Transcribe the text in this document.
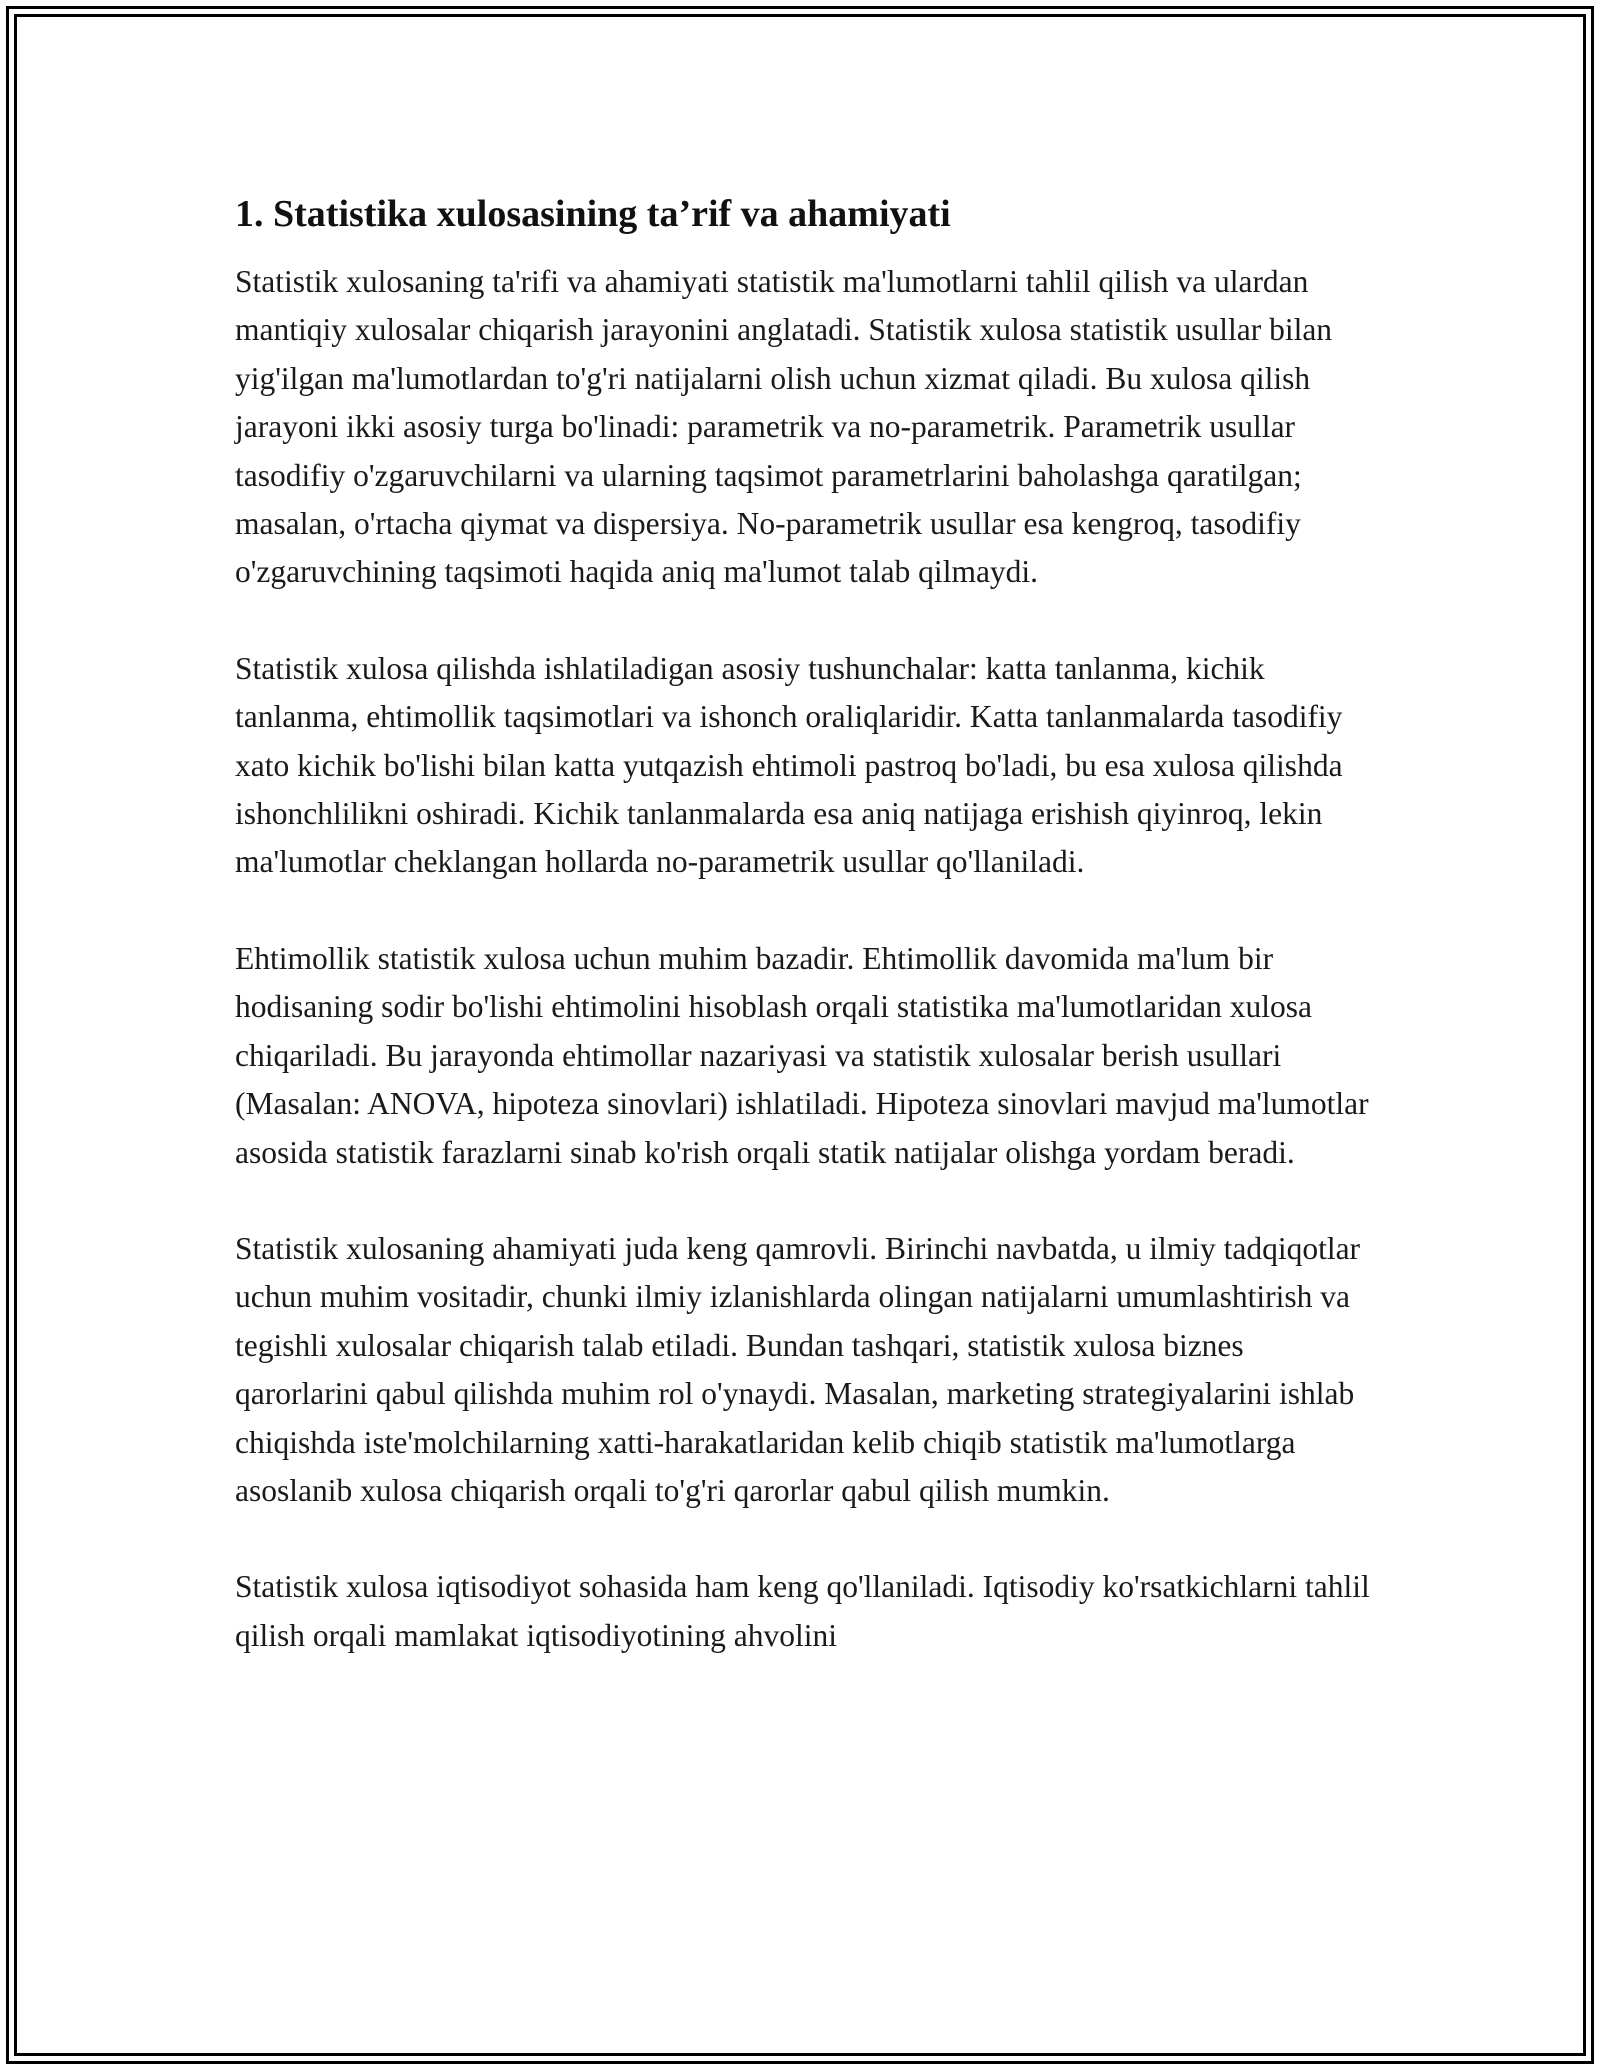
1. Statistika xulosasining ta’rif va ahamiyati

Statistik xulosaning ta'rifi va ahamiyati statistik ma'lumotlarni tahlil qilish va ulardan mantiqiy xulosalar chiqarish jarayonini anglatadi. Statistik xulosa statistik usullar bilan yig'ilgan ma'lumotlardan to'g'ri natijalarni olish uchun xizmat qiladi. Bu xulosa qilish jarayoni ikki asosiy turga bo'linadi: parametrik va no-parametrik. Parametrik usullar tasodifiy o'zgaruvchilarni va ularning taqsimot parametrlarini baholashga qaratilgan; masalan, o'rtacha qiymat va dispersiya. No-parametrik usullar esa kengroq, tasodifiy o'zgaruvchining taqsimoti haqida aniq ma'lumot talab qilmaydi.

Statistik xulosa qilishda ishlatiladigan asosiy tushunchalar: katta tanlanma, kichik tanlanma, ehtimollik taqsimotlari va ishonch oraliqlaridir. Katta tanlanmalarda tasodifiy xato kichik bo'lishi bilan katta yutqazish ehtimoli pastroq bo'ladi, bu esa xulosa qilishda ishonchlilikni oshiradi. Kichik tanlanmalarda esa aniq natijaga erishish qiyinroq, lekin ma'lumotlar cheklangan hollarda no-parametrik usullar qo'llaniladi.

Ehtimollik statistik xulosa uchun muhim bazadir. Ehtimollik davomida ma'lum bir hodisaning sodir bo'lishi ehtimolini hisoblash orqali statistika ma'lumotlaridan xulosa chiqariladi. Bu jarayonda ehtimollar nazariyasi va statistik xulosalar berish usullari (Masalan: ANOVA, hipoteza sinovlari) ishlatiladi. Hipoteza sinovlari mavjud ma'lumotlar asosida statistik farazlarni sinab ko'rish orqali statik natijalar olishga yordam beradi.

Statistik xulosaning ahamiyati juda keng qamrovli. Birinchi navbatda, u ilmiy tadqiqotlar uchun muhim vositadir, chunki ilmiy izlanishlarda olingan natijalarni umumlashtirish va tegishli xulosalar chiqarish talab etiladi. Bundan tashqari, statistik xulosa biznes qarorlarini qabul qilishda muhim rol o'ynaydi. Masalan, marketing strategiyalarini ishlab chiqishda iste'molchilarning xatti-harakatlaridan kelib chiqib statistik ma'lumotlarga asoslanib xulosa chiqarish orqali to'g'ri qarorlar qabul qilish mumkin.

Statistik xulosa iqtisodiyot sohasida ham keng qo'llaniladi. Iqtisodiy ko'rsatkichlarni tahlil qilish orqali mamlakat iqtisodiyotining ahvolini
